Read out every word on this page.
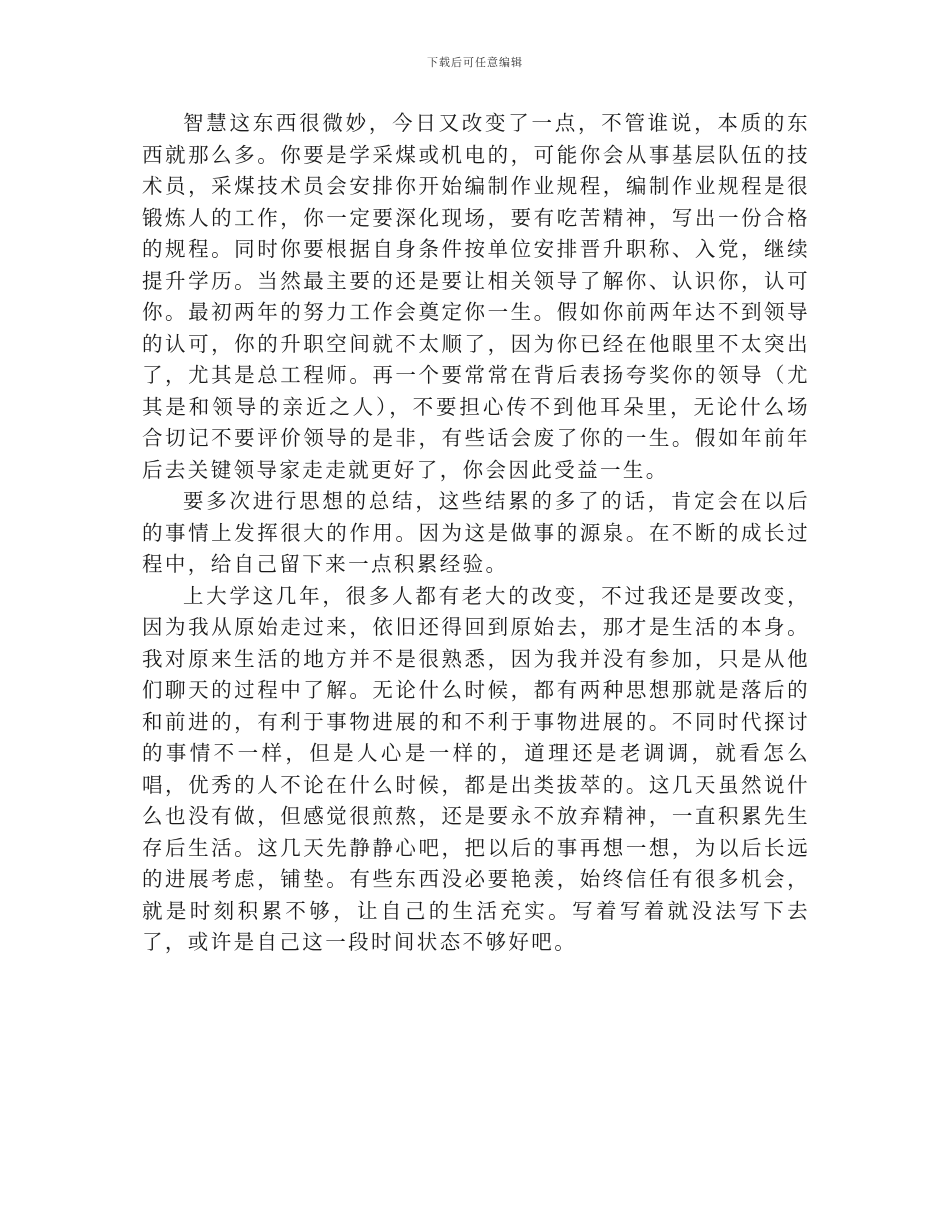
下载后可任意编辑

智慧这东西很微妙，今日又改变了一点，不管谁说，本质的东西就那么多。你要是学采煤或机电的，可能你会从事基层队伍的技术员，采煤技术员会安排你开始编制作业规程，编制作业规程是很锻炼人的工作，你一定要深化现场，要有吃苦精神，写出一份合格的规程。同时你要根据自身条件按单位安排晋升职称、入党，继续提升学历。当然最主要的还是要让相关领导了解你、认识你，认可你。最初两年的努力工作会奠定你一生。假如你前两年达不到领导的认可，你的升职空间就不太顺了，因为你已经在他眼里不太突出了，尤其是总工程师。再一个要常常在背后表扬夸奖你的领导（尤其是和领导的亲近之人），不要担心传不到他耳朵里，无论什么场合切记不要评价领导的是非，有些话会废了你的一生。假如年前年后去关键领导家走走就更好了，你会因此受益一生。

要多次进行思想的总结，这些结累的多了的话，肯定会在以后的事情上发挥很大的作用。因为这是做事的源泉。在不断的成长过程中，给自己留下来一点积累经验。

上大学这几年，很多人都有老大的改变，不过我还是要改变，因为我从原始走过来，依旧还得回到原始去，那才是生活的本身。我对原来生活的地方并不是很熟悉，因为我并没有参加，只是从他们聊天的过程中了解。无论什么时候，都有两种思想那就是落后的和前进的，有利于事物进展的和不利于事物进展的。不同时代探讨的事情不一样，但是人心是一样的，道理还是老调调，就看怎么唱，优秀的人不论在什么时候，都是出类拔萃的。这几天虽然说什么也没有做，但感觉很煎熬，还是要永不放弃精神，一直积累先生存后生活。这几天先静静心吧，把以后的事再想一想，为以后长远的进展考虑，铺垫。有些东西没必要艳羡，始终信任有很多机会，就是时刻积累不够，让自己的生活充实。写着写着就没法写下去了，或许是自己这一段时间状态不够好吧。
